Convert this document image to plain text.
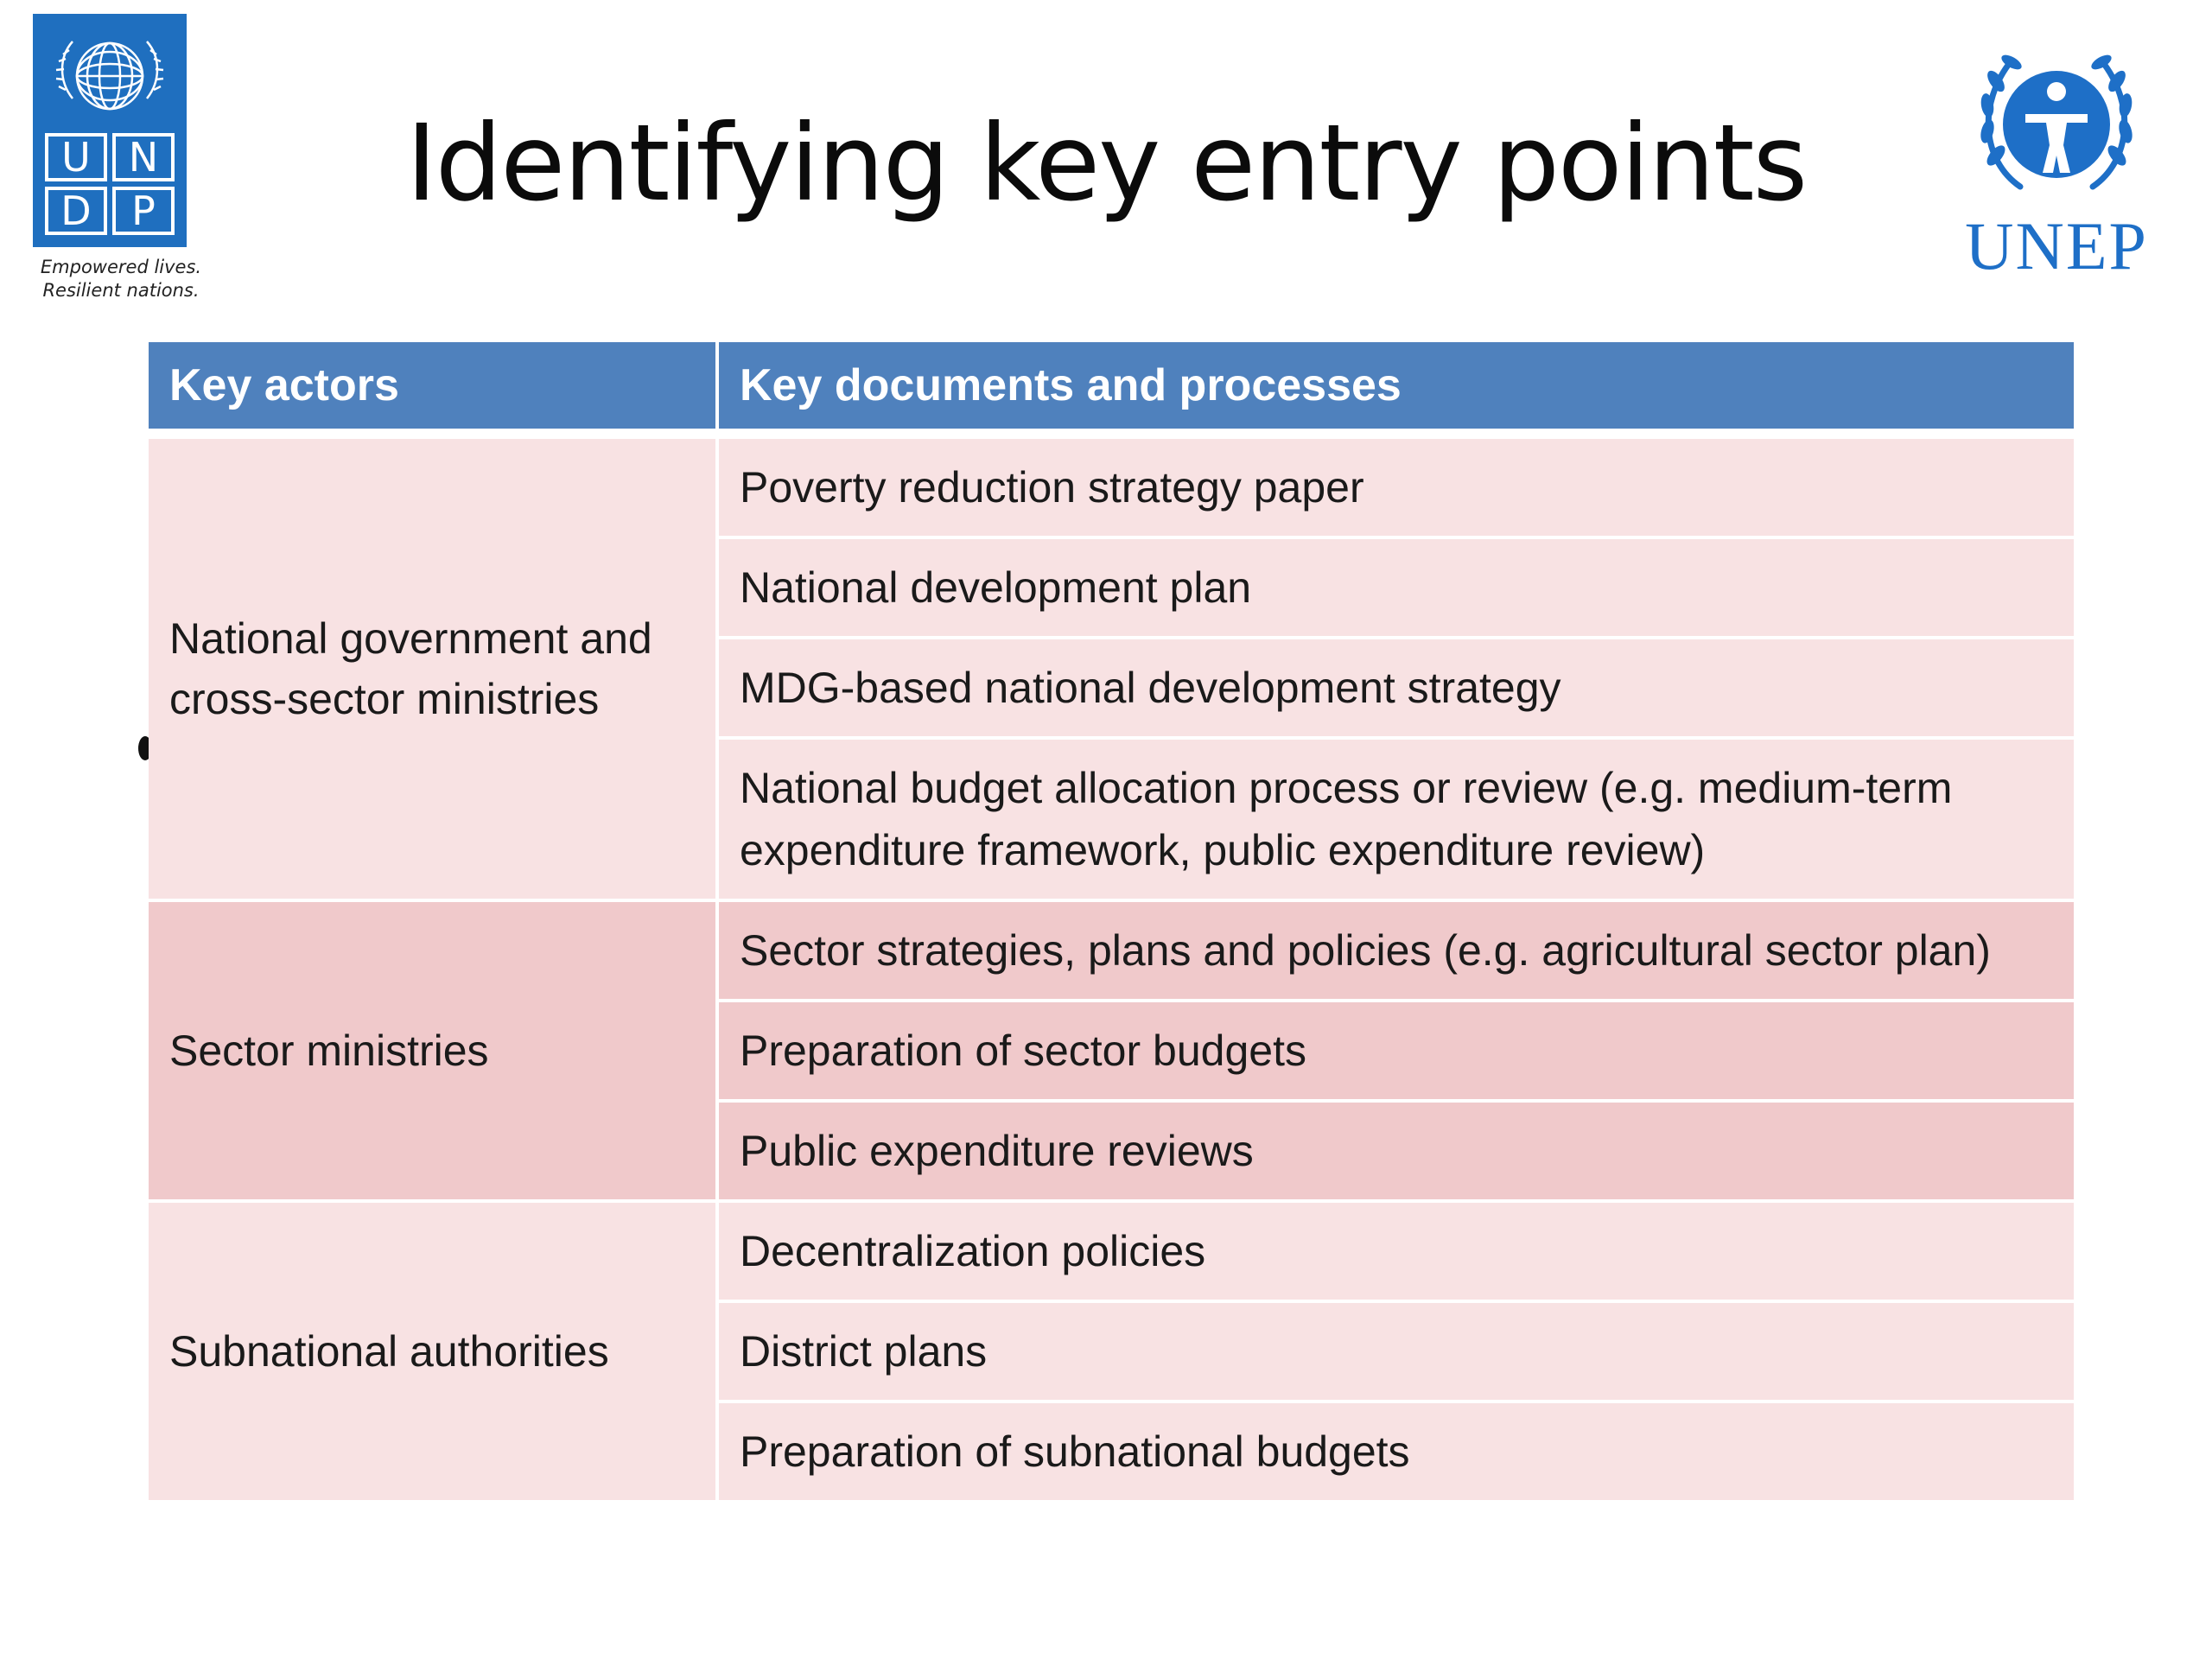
U N
D	P
Empowered lives.
Resilient nations.
UNEP
Identifying key entry points
Key actors	Key documents and processes
National government and cross-sector ministries	Poverty reduction strategy paper
	National development plan
	MDG-based national development strategy
	National budget allocation process or review (e.g. medium-term expenditure framework, public expenditure review)
Sector ministries	Sector strategies, plans and policies (e.g. agricultural sector plan)
	Preparation of sector budgets
	Public expenditure reviews
Subnational authorities	Decentralization policies
	District plans
	Preparation of subnational budgets
